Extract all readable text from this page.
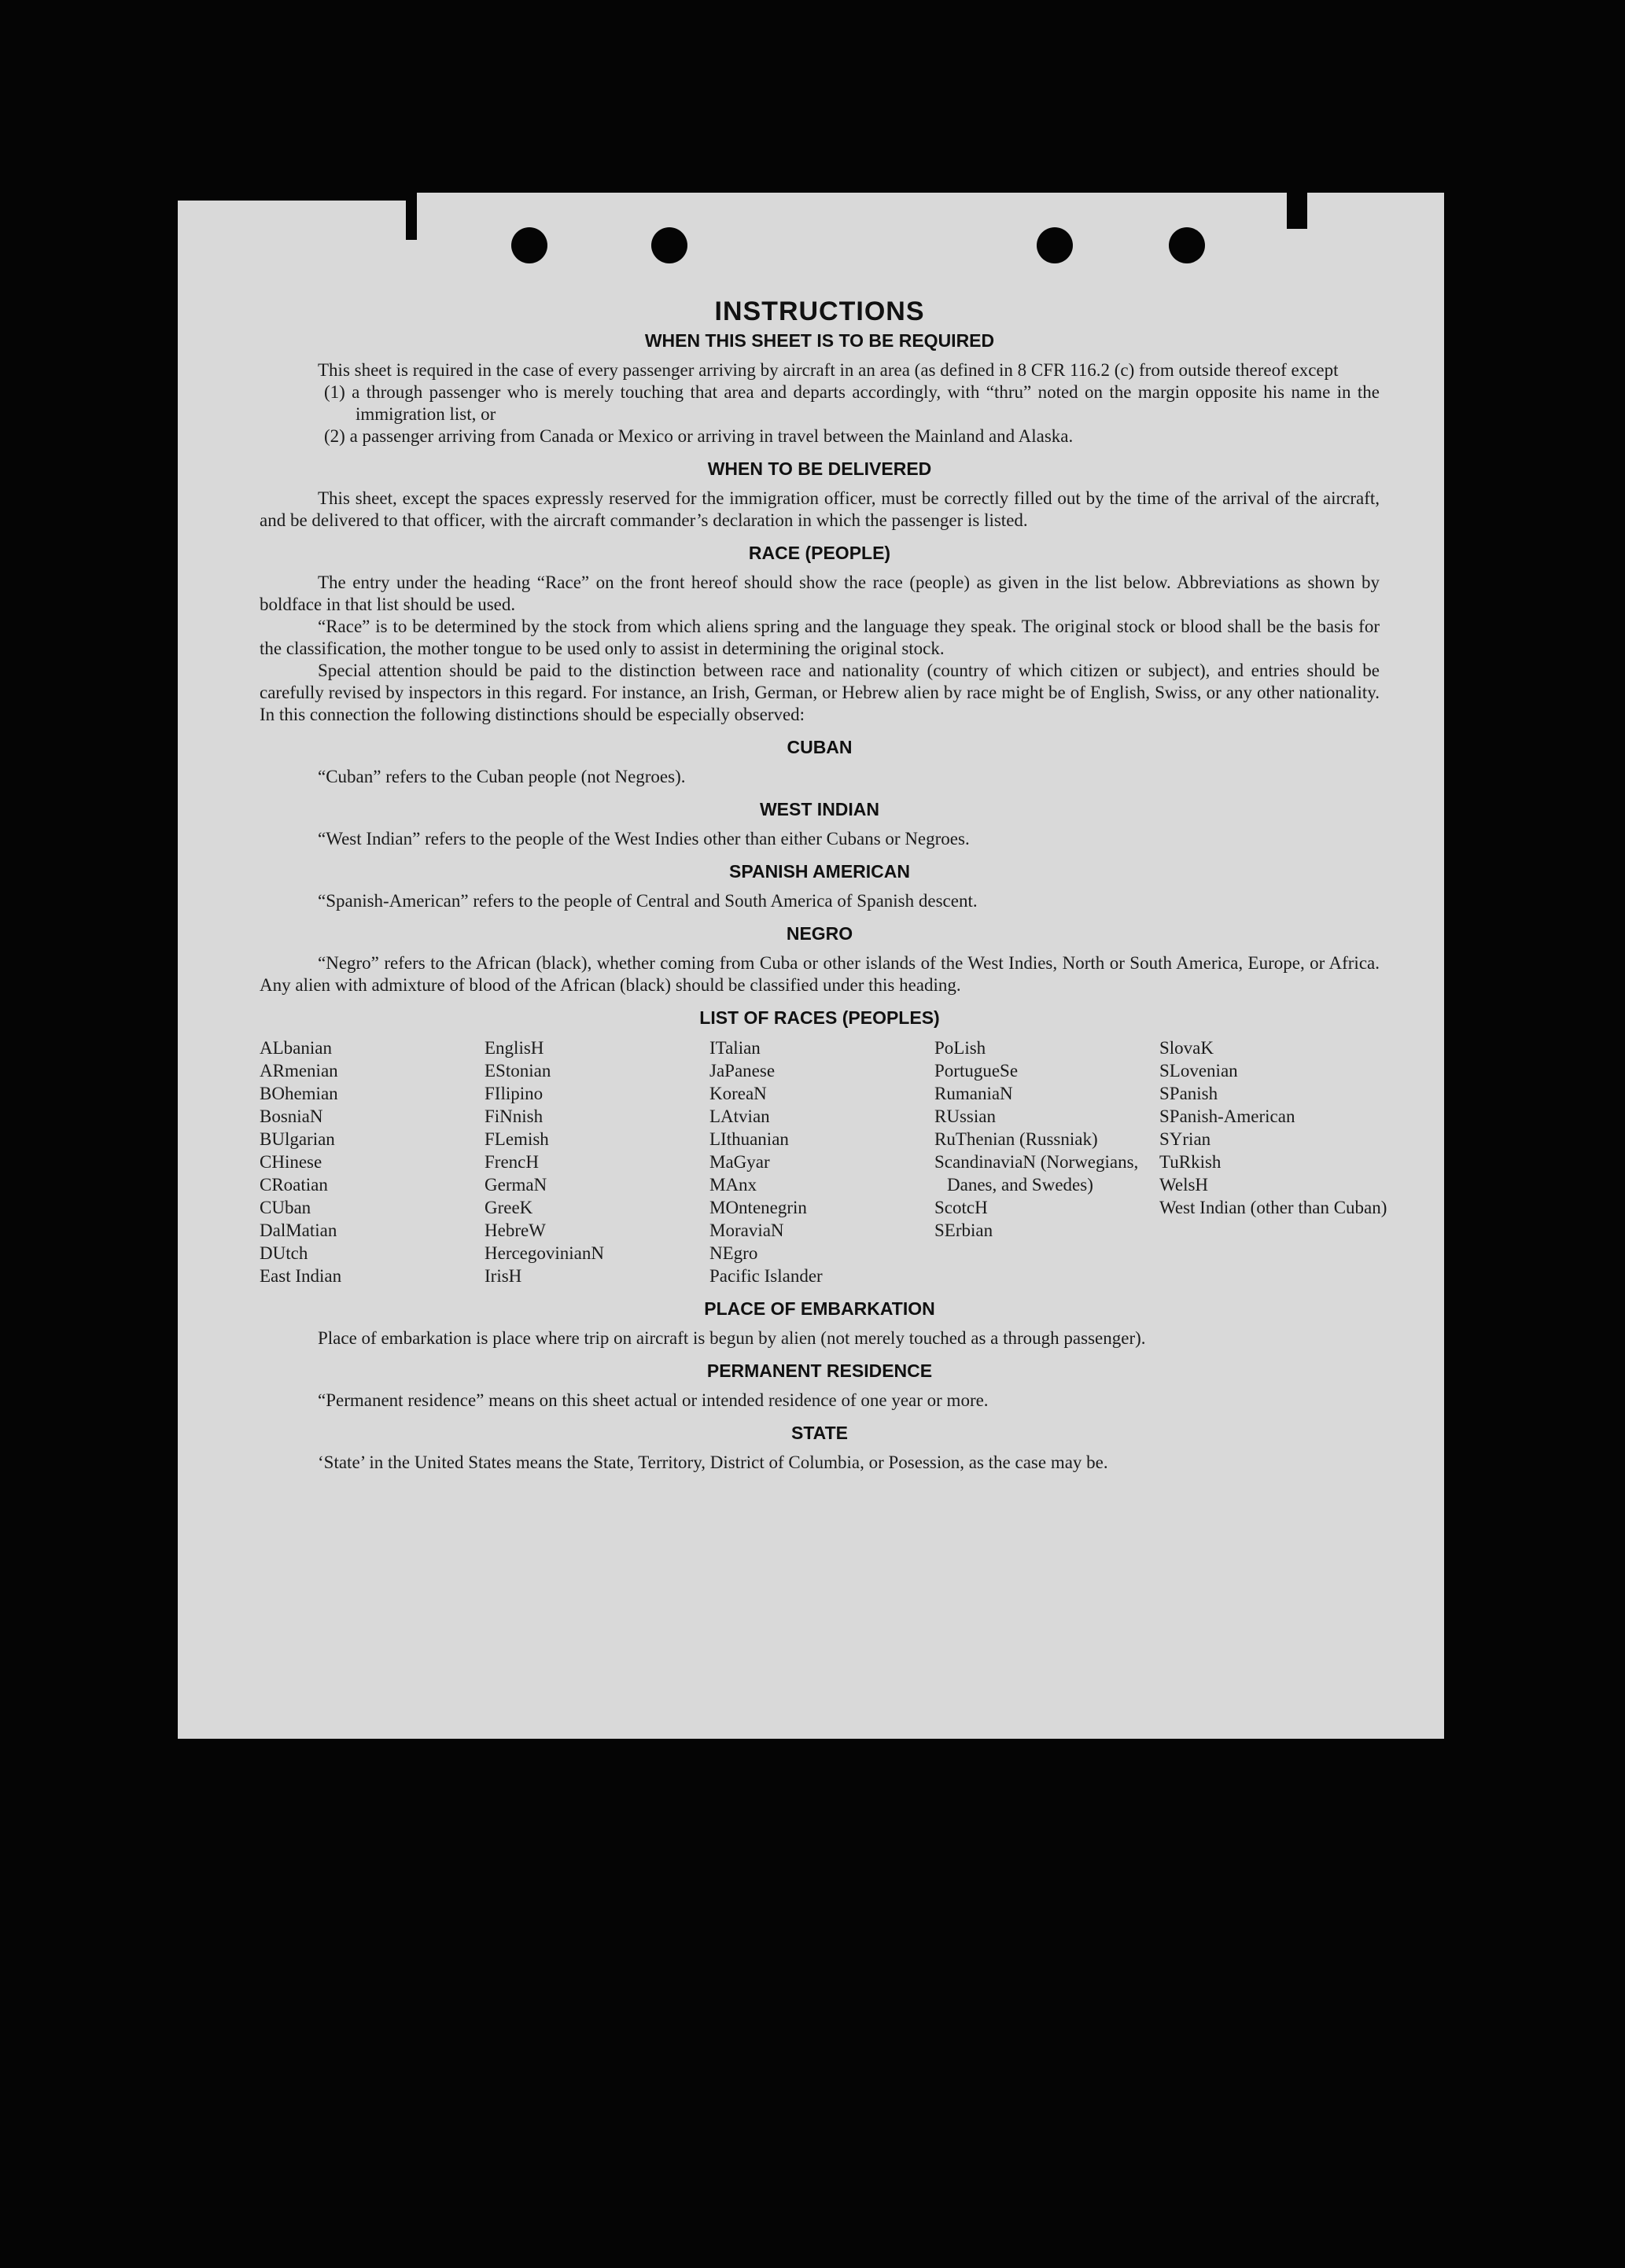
INSTRUCTIONS
WHEN THIS SHEET IS TO BE REQUIRED

This sheet is required in the case of every passenger arriving by aircraft in an area (as defined in 8 CFR 116.2 (c) from outside thereof except

(1) a through passenger who is merely touching that area and departs accordingly, with “thru” noted on the margin opposite his name in the immigration list, or
(2) a passenger arriving from Canada or Mexico or arriving in travel between the Mainland and Alaska.
WHEN TO BE DELIVERED

This sheet, except the spaces expressly reserved for the immigration officer, must be correctly filled out by the time of the arrival of the aircraft, and be delivered to that officer, with the aircraft commander’s declaration in which the passenger is listed.

RACE (PEOPLE)

The entry under the heading “Race” on the front hereof should show the race (people) as given in the list below. Abbreviations as shown by boldface in that list should be used.

“Race” is to be determined by the stock from which aliens spring and the language they speak. The original stock or blood shall be the basis for the classification, the mother tongue to be used only to assist in determining the original stock.

Special attention should be paid to the distinction between race and nationality (country of which citizen or subject), and entries should be carefully revised by inspectors in this regard. For instance, an Irish, German, or Hebrew alien by race might be of English, Swiss, or any other nationality. In this connection the following distinctions should be especially observed:

CUBAN

“Cuban” refers to the Cuban people (not Negroes).

WEST INDIAN

“West Indian” refers to the people of the West Indies other than either Cubans or Negroes.

SPANISH AMERICAN

“Spanish-American” refers to the people of Central and South America of Spanish descent.

NEGRO

“Negro” refers to the African (black), whether coming from Cuba or other islands of the West Indies, North or South America, Europe, or Africa. Any alien with admixture of blood of the African (black) should be classified under this heading.

LIST OF RACES (PEOPLES)
ALbanian
ARmenian
BOhemian
BosniaN
BUlgarian
CHinese
CRoatian
CUban
DalMatian
DUtch
East Indian
EnglisH
EStonian
FIlipino
FiNnish
FLemish
FrencH
GermaN
GreeK
HebreW
HercegovinianN
IrisH
ITalian
JaPanese
KoreaN
LAtvian
LIthuanian
MaGyar
MAnx
MOntenegrin
MoraviaN
NEgro
Pacific Islander
PoLish
PortugueSe
RumaniaN
RUssian
RuThenian (Russniak)
ScandinaviaN (Norwegians, Danes, and Swedes)
ScotcH
SErbian
SlovaK
SLovenian
SPanish
SPanish-American
SYrian
TuRkish
WelsH
West Indian (other than Cuban)
PLACE OF EMBARKATION

Place of embarkation is place where trip on aircraft is begun by alien (not merely touched as a through passenger).

PERMANENT RESIDENCE

“Permanent residence” means on this sheet actual or intended residence of one year or more.

STATE

‘State’ in the United States means the State, Territory, District of Columbia, or Posession, as the case may be.
